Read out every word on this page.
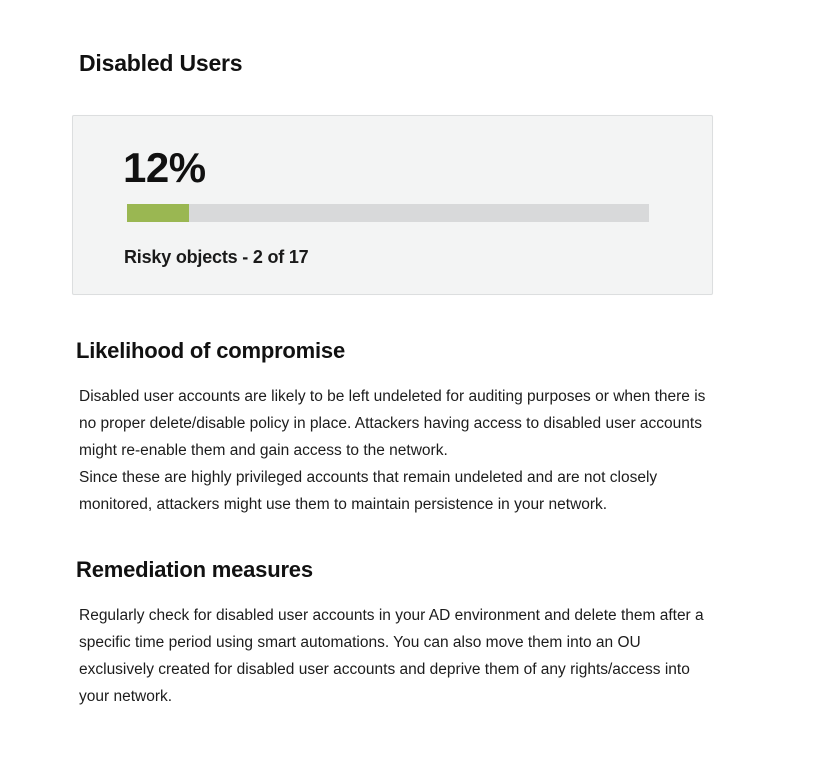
Disabled Users
12%
Risky objects - 2 of 17
Likelihood of compromise

Disabled user accounts are likely to be left undeleted for auditing purposes or when there is no proper delete/disable policy in place. Attackers having access to disabled user accounts might re-enable them and gain access to the network.

Since these are highly privileged accounts that remain undeleted and are not closely monitored, attackers might use them to maintain persistence in your network.

Remediation measures

Regularly check for disabled user accounts in your AD environment and delete them after a specific time period using smart automations. You can also move them into an OU exclusively created for disabled user accounts and deprive them of any rights/access into your network.
